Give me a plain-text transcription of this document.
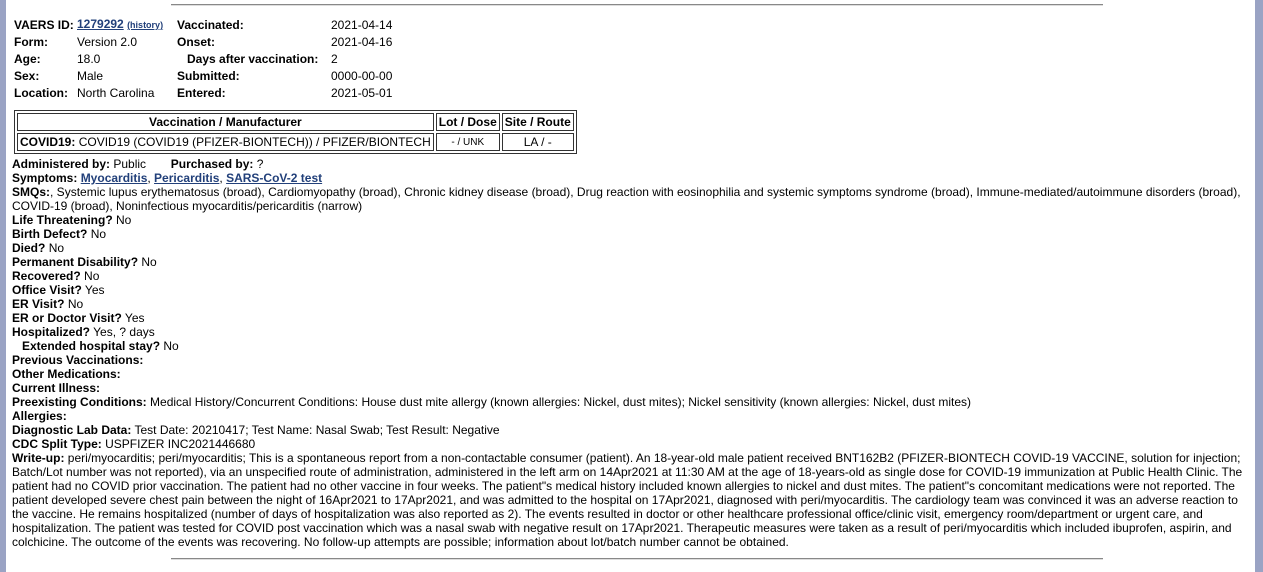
VAERS ID:	1279292 (history)	Vaccinated:	2021-04-14
Form:	Version 2.0	Onset:	2021-04-16
Age:	18.0	Days after vaccination:	2
Sex:	Male	Submitted:	0000-00-00
Location:	North Carolina	Entered:	2021-05-01
Vaccination / Manufacturer	Lot / Dose	Site / Route
COVID19: COVID19 (COVID19 (PFIZER-BIONTECH)) / PFIZER/BIONTECH	- / UNK	LA / -
Administered by: Public Purchased by: ?
Symptoms: Myocarditis, Pericarditis, SARS-CoV-2 test
SMQs:, Systemic lupus erythematosus (broad), Cardiomyopathy (broad), Chronic kidney disease (broad), Drug reaction with eosinophilia and systemic symptoms syndrome (broad), Immune-mediated/autoimmune disorders (broad), COVID-19 (broad), Noninfectious myocarditis/pericarditis (narrow)
Life Threatening? No
Birth Defect? No
Died? No
Permanent Disability? No
Recovered? No
Office Visit? Yes
ER Visit? No
ER or Doctor Visit? Yes
Hospitalized? Yes, ? days
Extended hospital stay? No
Previous Vaccinations:
Other Medications:
Current Illness:
Preexisting Conditions: Medical History/Concurrent Conditions: House dust mite allergy (known allergies: Nickel, dust mites); Nickel sensitivity (known allergies: Nickel, dust mites)
Allergies:
Diagnostic Lab Data: Test Date: 20210417; Test Name: Nasal Swab; Test Result: Negative
CDC Split Type: USPFIZER INC2021446680
Write-up: peri/myocarditis; peri/myocarditis; This is a spontaneous report from a non-contactable consumer (patient). An 18-year-old male patient received BNT162B2 (PFIZER-BIONTECH COVID-19 VACCINE, solution for injection; Batch/Lot number was not reported), via an unspecified route of administration, administered in the left arm on 14Apr2021 at 11:30 AM at the age of 18-years-old as single dose for COVID-19 immunization at Public Health Clinic. The patient had no COVID prior vaccination. The patient had no other vaccine in four weeks. The patient"s medical history included known allergies to nickel and dust mites. The patient"s concomitant medications were not reported. The patient developed severe chest pain between the night of 16Apr2021 to 17Apr2021, and was admitted to the hospital on 17Apr2021, diagnosed with peri/myocarditis. The cardiology team was convinced it was an adverse reaction to the vaccine. He remains hospitalized (number of days of hospitalization was also reported as 2). The events resulted in doctor or other healthcare professional office/clinic visit, emergency room/department or urgent care, and hospitalization. The patient was tested for COVID post vaccination which was a nasal swab with negative result on 17Apr2021. Therapeutic measures were taken as a result of peri/myocarditis which included ibuprofen, aspirin, and colchicine. The outcome of the events was recovering. No follow-up attempts are possible; information about lot/batch number cannot be obtained.
